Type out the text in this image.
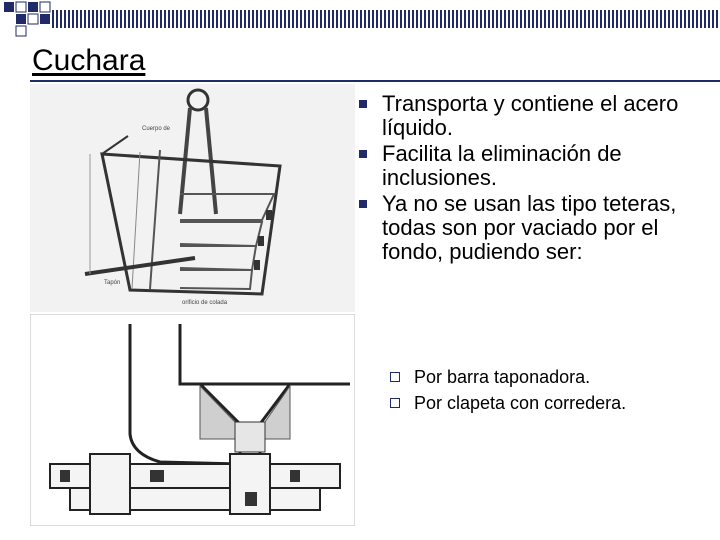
Cuchara
Cuerpo de
Tapón
orificio de colada
Transporta y contiene el acero líquido.
Facilita la eliminación de inclusiones.
Ya no se usan las tipo teteras, todas son por vaciado por el fondo, pudiendo ser:
Por barra taponadora.
Por clapeta con corredera.
